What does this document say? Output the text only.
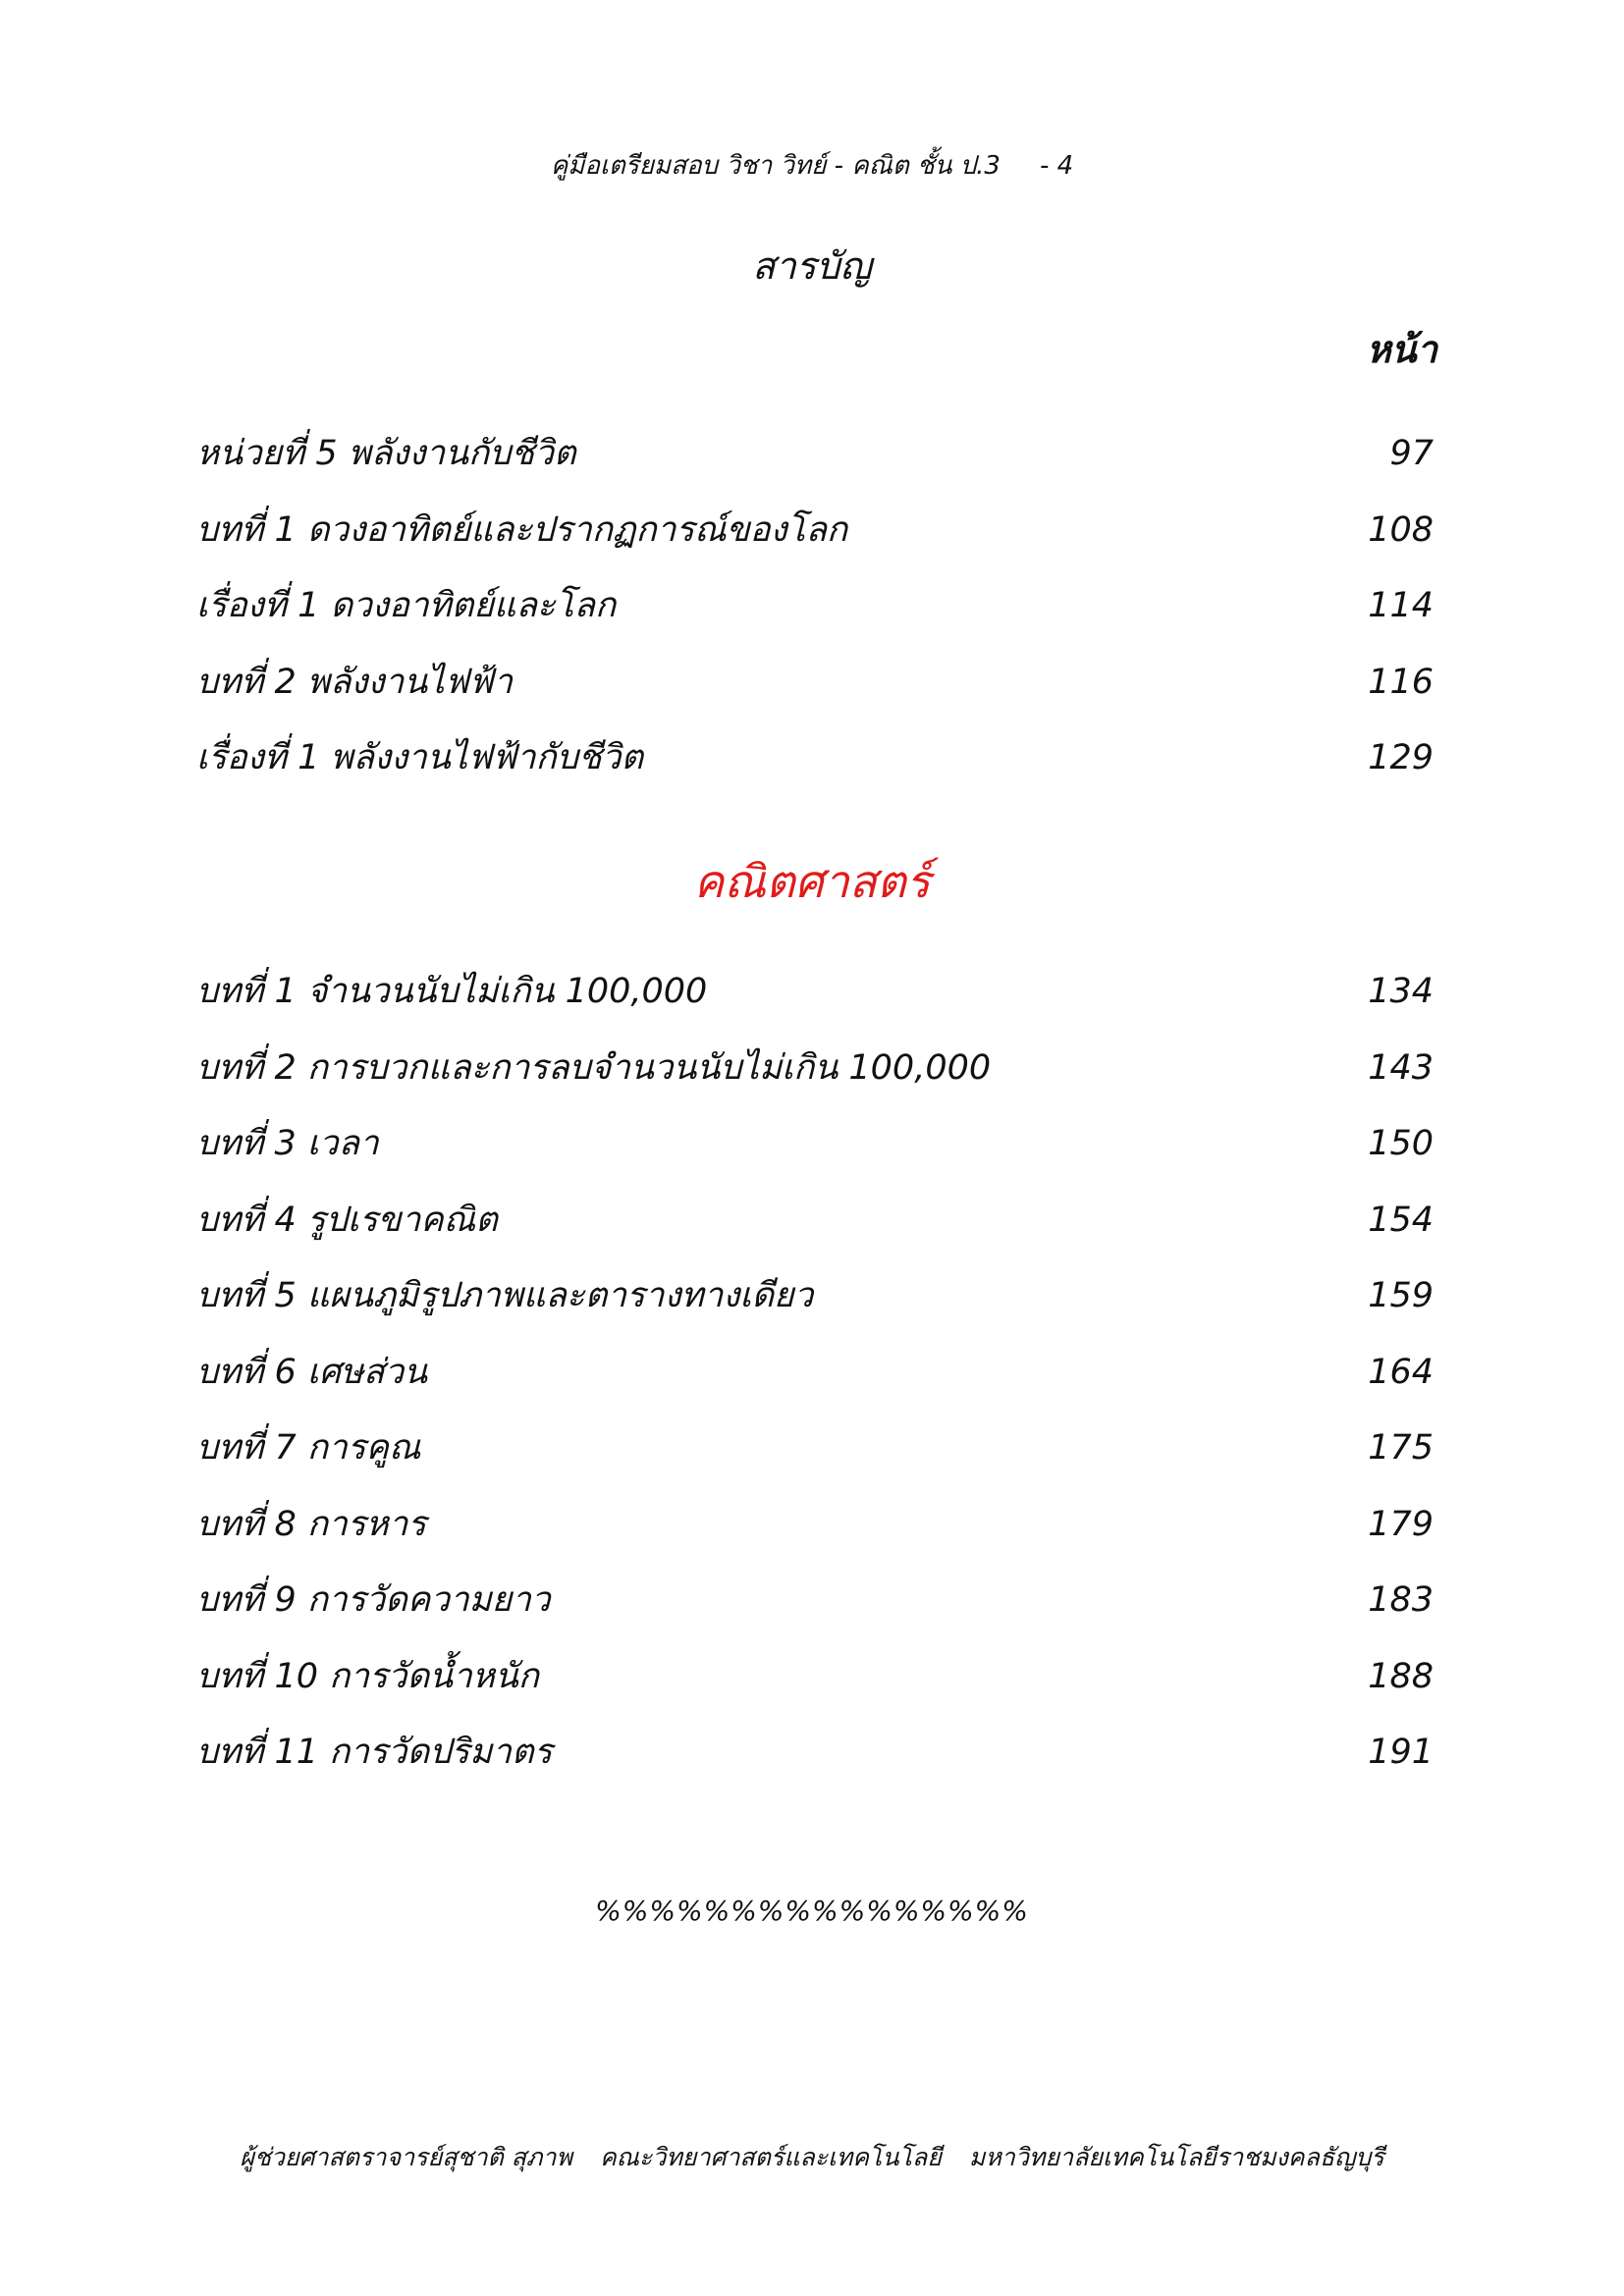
คู่มือเตรียมสอบ วิชา วิทย์ - คณิต ชั้น ป.3 - 4
สารบัญ
หน้า
หน่วยที่ 5 พลังงานกับชีวิต	97
บทที่ 1 ดวงอาทิตย์และปรากฏการณ์ของโลก	108
เรื่องที่ 1 ดวงอาทิตย์และโลก	114
บทที่ 2 พลังงานไฟฟ้า	116
เรื่องที่ 1 พลังงานไฟฟ้ากับชีวิต	129
คณิตศาสตร์
บทที่ 1 จำนวนนับไม่เกิน 100,000	134
บทที่ 2 การบวกและการลบจำนวนนับไม่เกิน 100,000	143
บทที่ 3 เวลา	150
บทที่ 4 รูปเรขาคณิต	154
บทที่ 5 แผนภูมิรูปภาพและตารางทางเดียว	159
บทที่ 6 เศษส่วน	164
บทที่ 7 การคูณ	175
บทที่ 8 การหาร	179
บทที่ 9 การวัดความยาว	183
บทที่ 10 การวัดน้ำหนัก	188
บทที่ 11 การวัดปริมาตร	191
%%%%%%%%%%%%%%%%
ผู้ช่วยศาสตราจารย์สุชาติ สุภาพ คณะวิทยาศาสตร์และเทคโนโลยี มหาวิทยาลัยเทคโนโลยีราชมงคลธัญบุรี
